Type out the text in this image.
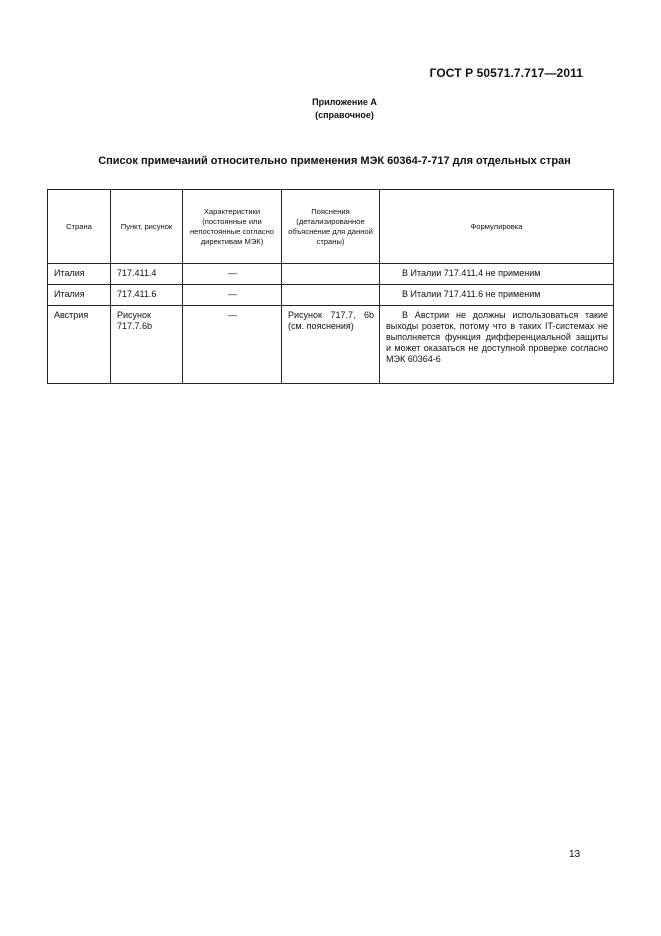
ГОСТ Р 50571.7.717—2011
Приложение А
(справочное)
Список примечаний относительно применения МЭК 60364-7-717 для отдельных стран
Страна	Пункт, рисунок	Характеристики (постоянные или непостоянные согласно директивам МЭК)	Пояснения (детализированное объяснение для данной страны)	Формулировка

Италия	717.411.4	—		В Италии 717.411.4 не применим

Италия	717.411.6	—		В Италии 717.411.6 не применим

Австрия	Рисунок 717.7.6b	—	Рисунок 717.7, 6b (см. пояснения)	В Австрии не должны использоваться такие выходы розеток, потому что в таких IT-системах не выполняется функция дифференциальной защиты и может оказаться не доступной проверке согласно МЭК 60364-6
13
